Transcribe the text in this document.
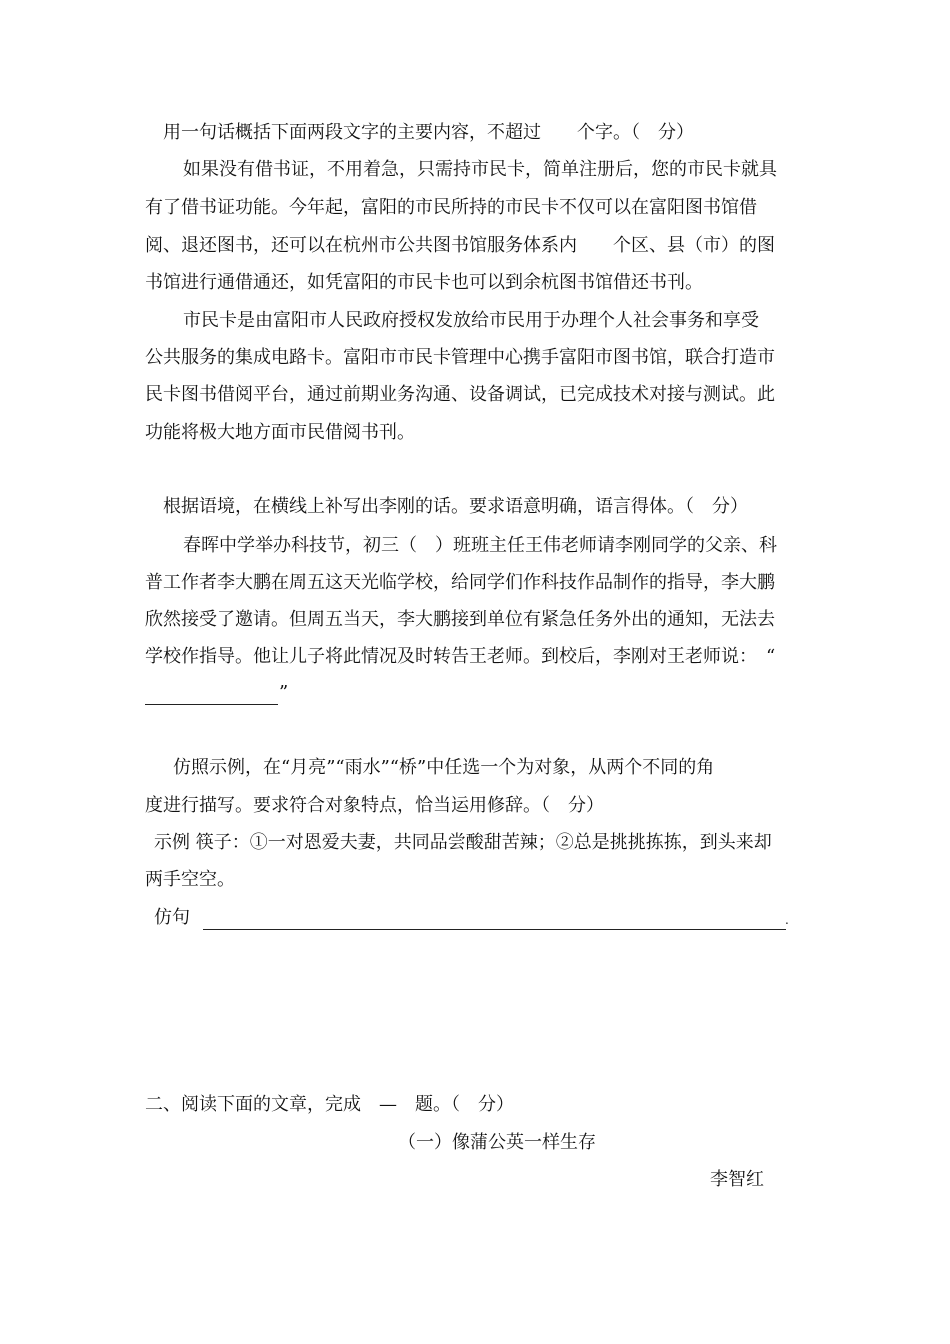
用一句话概括下面两段文字的主要内容，不超过　　个字。（　分）
如果没有借书证，不用着急，只需持市民卡，简单注册后，您的市民卡就具
有了借书证功能。今年起，富阳的市民所持的市民卡不仅可以在富阳图书馆借
阅、退还图书，还可以在杭州市公共图书馆服务体系内　　个区、县（市）的图
书馆进行通借通还，如凭富阳的市民卡也可以到余杭图书馆借还书刊。
市民卡是由富阳市人民政府授权发放给市民用于办理个人社会事务和享受
公共服务的集成电路卡。富阳市市民卡管理中心携手富阳市图书馆，联合打造市
民卡图书借阅平台，通过前期业务沟通、设备调试，已完成技术对接与测试。此
功能将极大地方面市民借阅书刊。
根据语境，在横线上补写出李刚的话。要求语意明确，语言得体。（　分）
春晖中学举办科技节，初三（　）班班主任王伟老师请李刚同学的父亲、科
普工作者李大鹏在周五这天光临学校，给同学们作科技作品制作的指导，李大鹏
欣然接受了邀请。但周五当天，李大鹏接到单位有紧急任务外出的通知，无法去
学校作指导。他让儿子将此情况及时转告王老师。到校后，李刚对王老师说：　“
”
仿照示例，在“月亮”“雨水”“桥”中任选一个为对象，从两个不同的角
度进行描写。要求符合对象特点，恰当运用修辞。（　分）
示例 筷子：①一对恩爱夫妻，共同品尝酸甜苦辣；②总是挑挑拣拣，到头来却
两手空空。
仿句	.
二、阅读下面的文章，完成　—　题。（　分）
（一）像蒲公英一样生存
李智红
